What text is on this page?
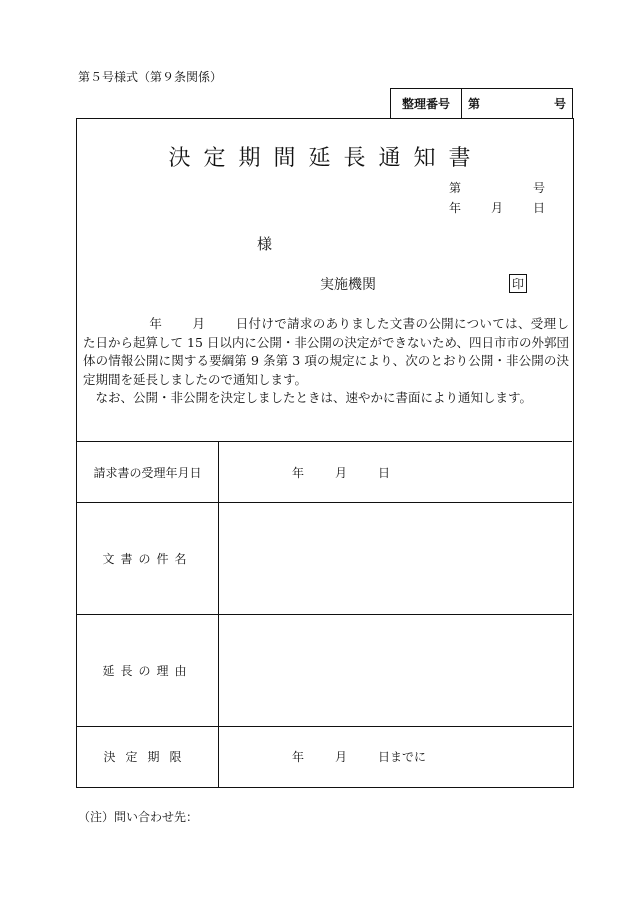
第５号様式（第９条関係）
整理番号	第	号
決定期間延長通知書
第	号
年 月 日
様
実施機関	印
年 月 日付けで請求のありました文書の公開については、受理した日から起算して 15 日以内に公開・非公開の決定ができないため、四日市市の外郭団体の情報公開に関する要綱第 9 条第 3 項の規定により、次のとおり公開・非公開の決定期間を延長しましたので通知します。
なお、公開・非公開を決定しましたときは、速やかに書面により通知します。
請求書の受理年月日	年 月 日
文書の件名	
延長の理由	
決定期限	年 月 日までに
（注）問い合わせ先：
